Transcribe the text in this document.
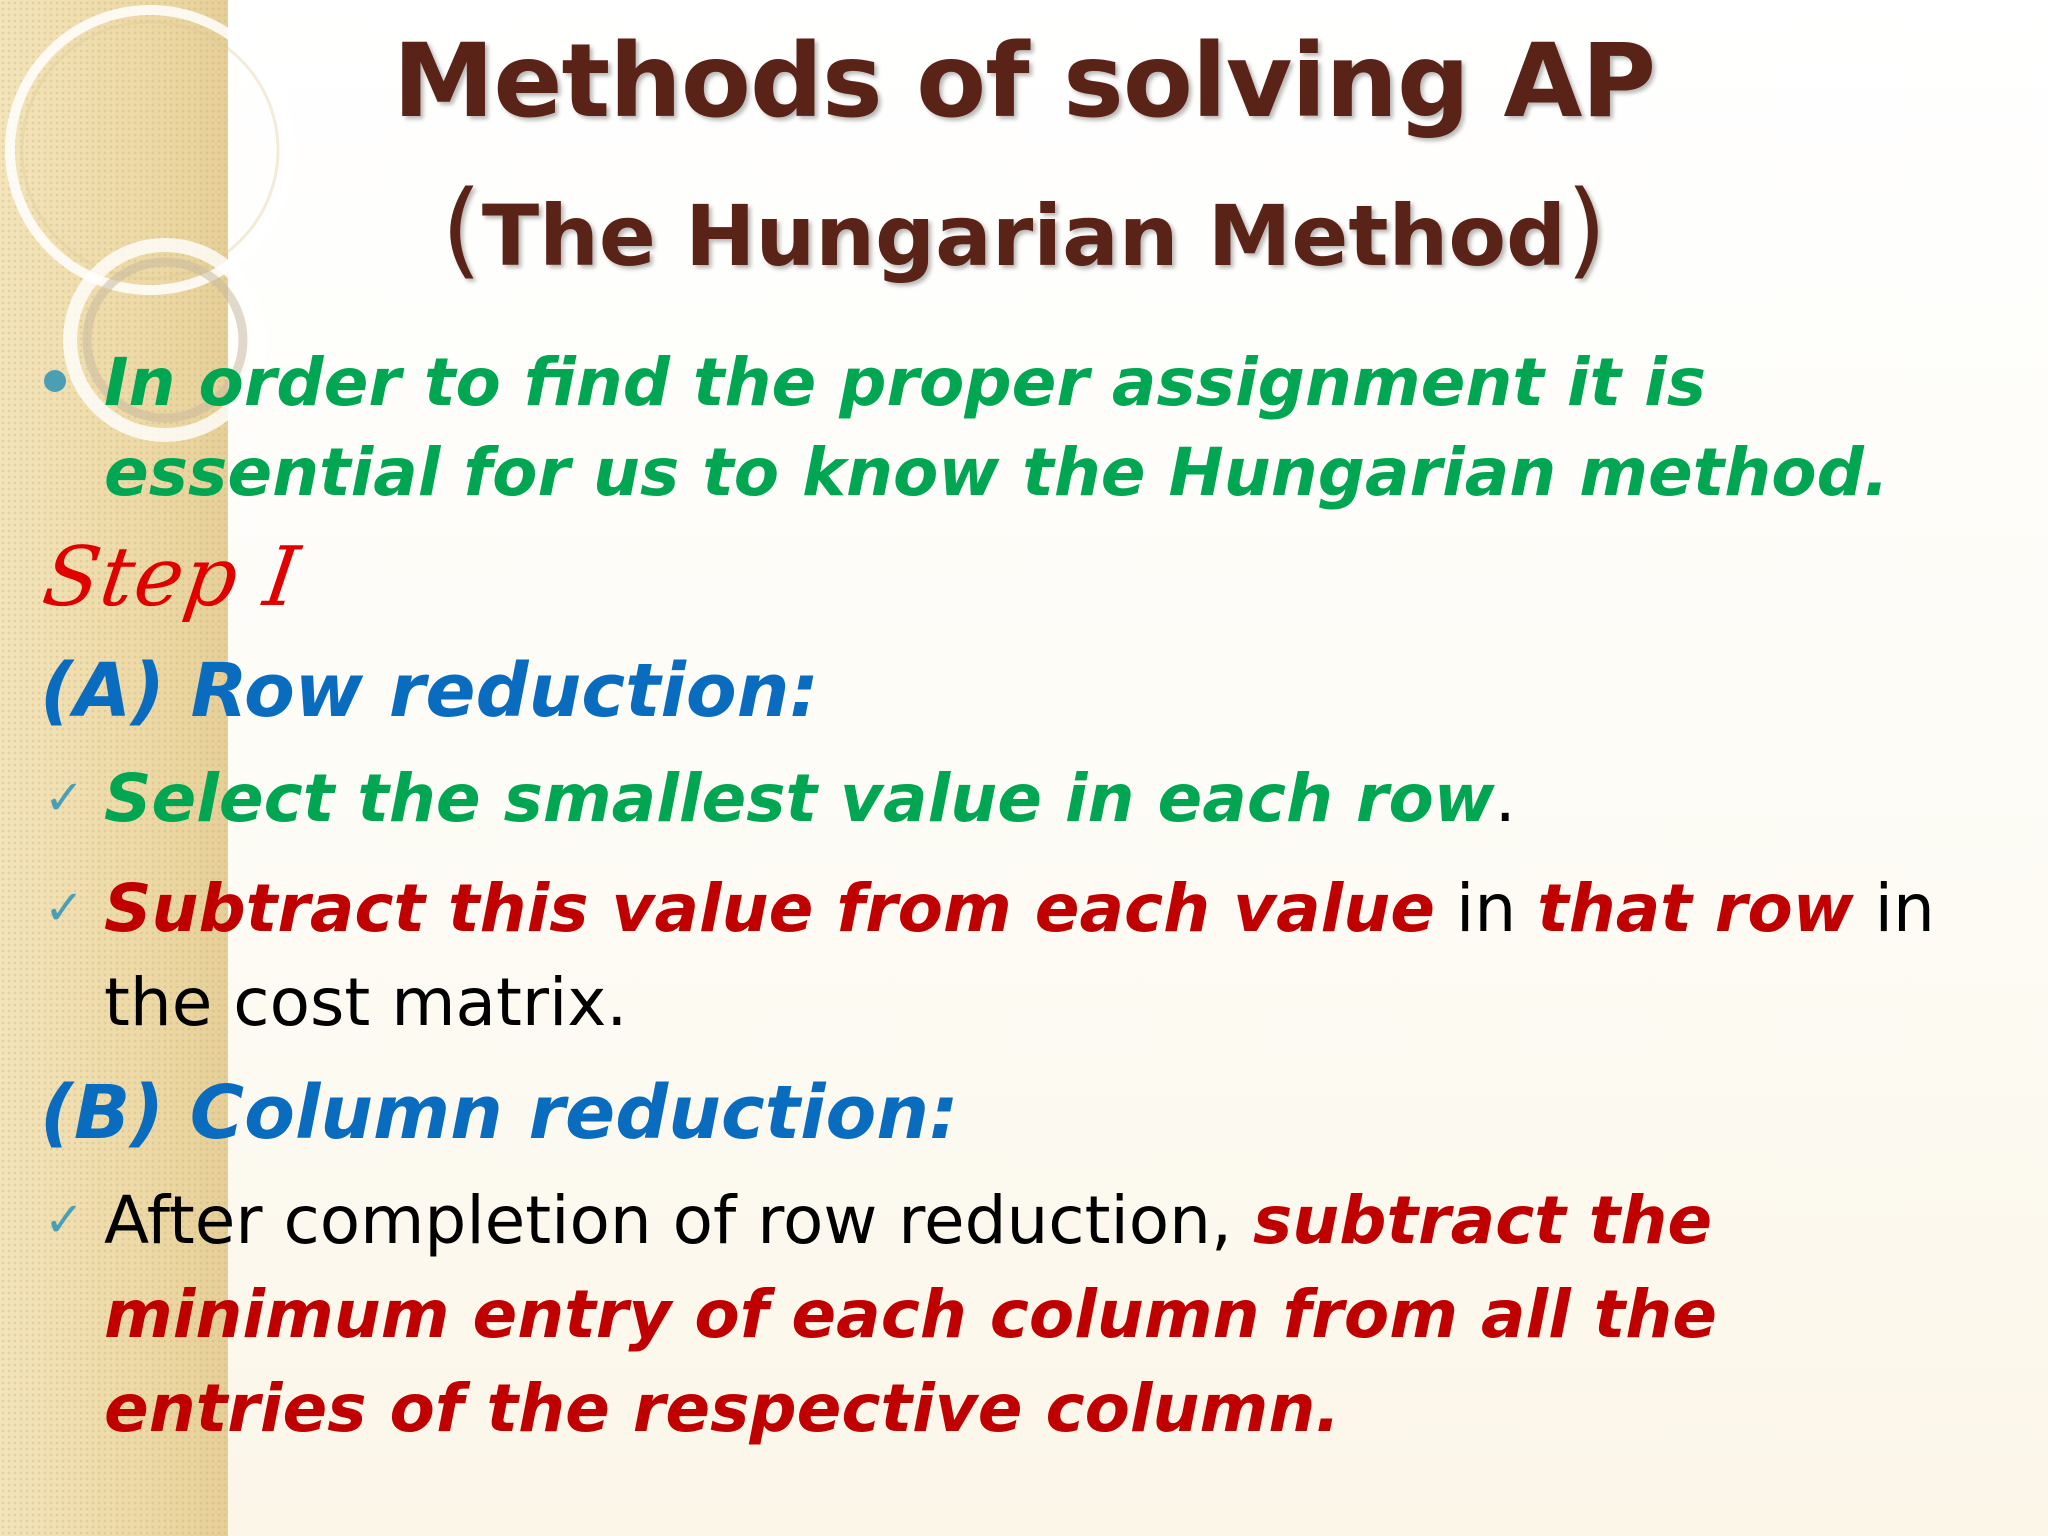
Methods of solving AP
(The Hungarian Method)
In order to find the proper assignment it is
essential for us to know the Hungarian method.
Step I
(A) Row reduction:
✓ Select the smallest value in each row.
✓ Subtract this value from each value in that row in
the cost matrix.
(B) Column reduction:
✓ After completion of row reduction, subtract the
minimum entry of each column from all the
entries of the respective column.
